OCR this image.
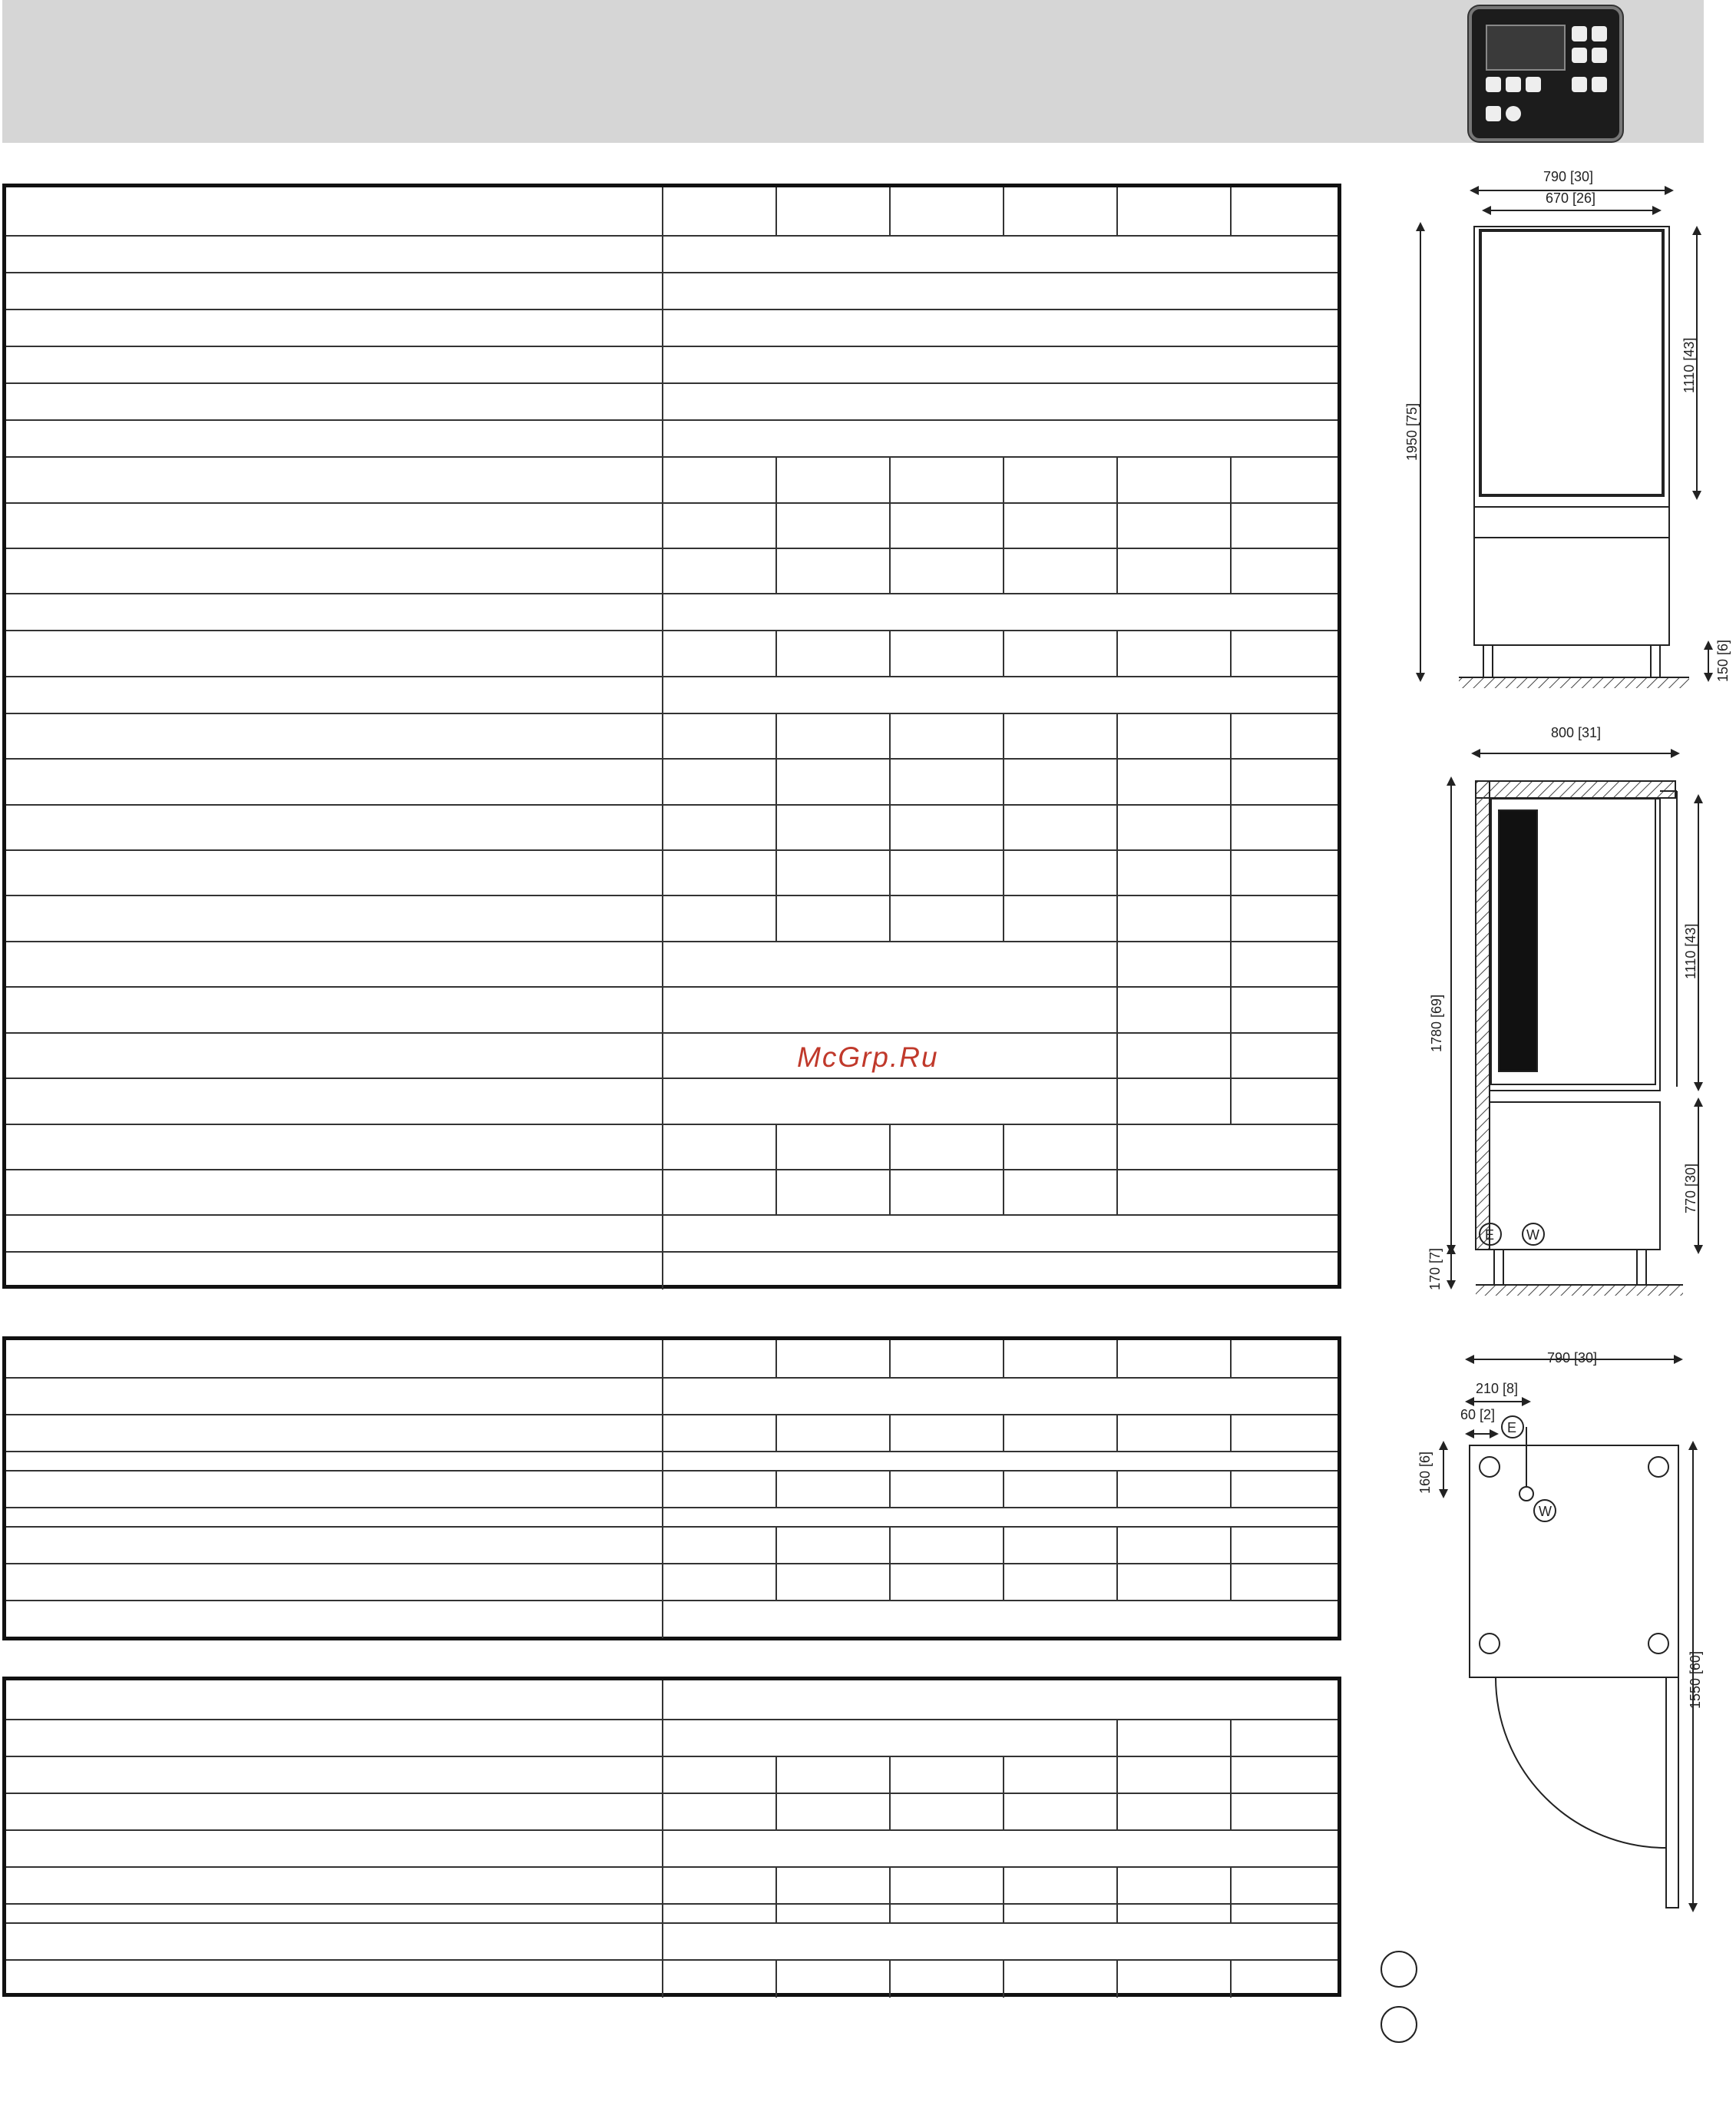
McGrp.Ru
790 [30]
670 [26]
1950 [75]
1110 [43]
150 [6]
800 [31]
1780 [69]
1110 [43]
770 [30]
170 [7]
E W
790 [30]
210 [8]
60 [2]
160 [6]
1550 [60]
E
W
